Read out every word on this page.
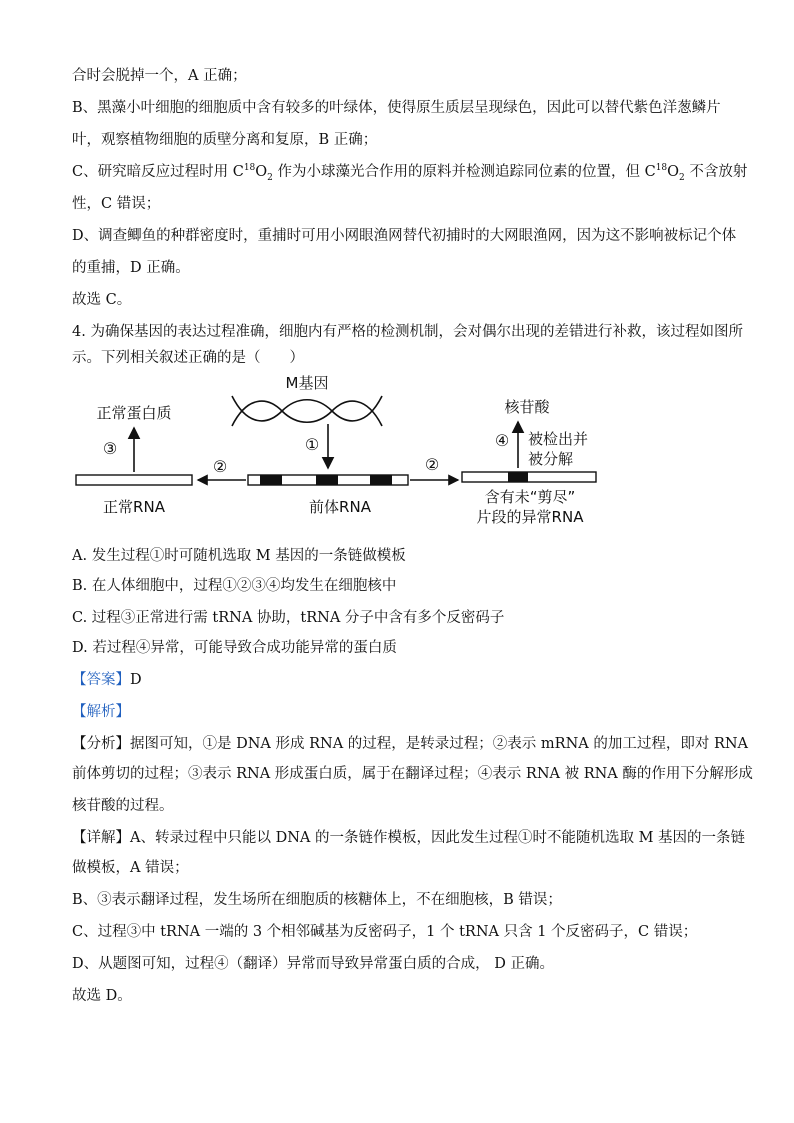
合时会脱掉一个，A 正确；
B、黑藻小叶细胞的细胞质中含有较多的叶绿体，使得原生质层呈现绿色，因此可以替代紫色洋葱鳞片
叶，观察植物细胞的质壁分离和复原，B 正确；
C、研究暗反应过程时用 $C^{18}O_2$ 作为小球藻光合作用的原料并检测追踪同位素的位置，但 $C^{18}O_2$ 不含放射
性，C 错误；
D、调查鲫鱼的种群密度时，重捕时可用小网眼渔网替代初捕时的大网眼渔网，因为这不影响被标记个体
的重捕，D 正确。
故选 C。
4. 为确保基因的表达过程准确，细胞内有严格的检测机制，会对偶尔出现的差错进行补救，该过程如图所
示。下列相关叙述正确的是（　　）
M基因
①
前体RNA
②
正常RNA
③
正常蛋白质
②
含有未“剪尽”
片段的异常RNA
④
核苷酸
被检出并
被分解
A. 发生过程①时可随机选取 M 基因的一条链做模板
B. 在人体细胞中，过程①②③④均发生在细胞核中
C. 过程③正常进行需 tRNA 协助，tRNA 分子中含有多个反密码子
D. 若过程④异常，可能导致合成功能异常的蛋白质
【答案】D
【解析】
【分析】据图可知，①是 DNA 形成 RNA 的过程，是转录过程；②表示 mRNA 的加工过程，即对 RNA
前体剪切的过程；③表示 RNA 形成蛋白质，属于在翻译过程；④表示 RNA 被 RNA 酶的作用下分解形成
核苷酸的过程。
【详解】A、转录过程中只能以 DNA 的一条链作模板，因此发生过程①时不能随机选取 M 基因的一条链
做模板，A 错误；
B、③表示翻译过程，发生场所在细胞质的核糖体上，不在细胞核，B 错误；
C、过程③中 tRNA 一端的 3 个相邻碱基为反密码子，1 个 tRNA 只含 1 个反密码子，C 错误；
D、从题图可知，过程④（翻译）异常而导致异常蛋白质的合成， D 正确。
故选 D。
